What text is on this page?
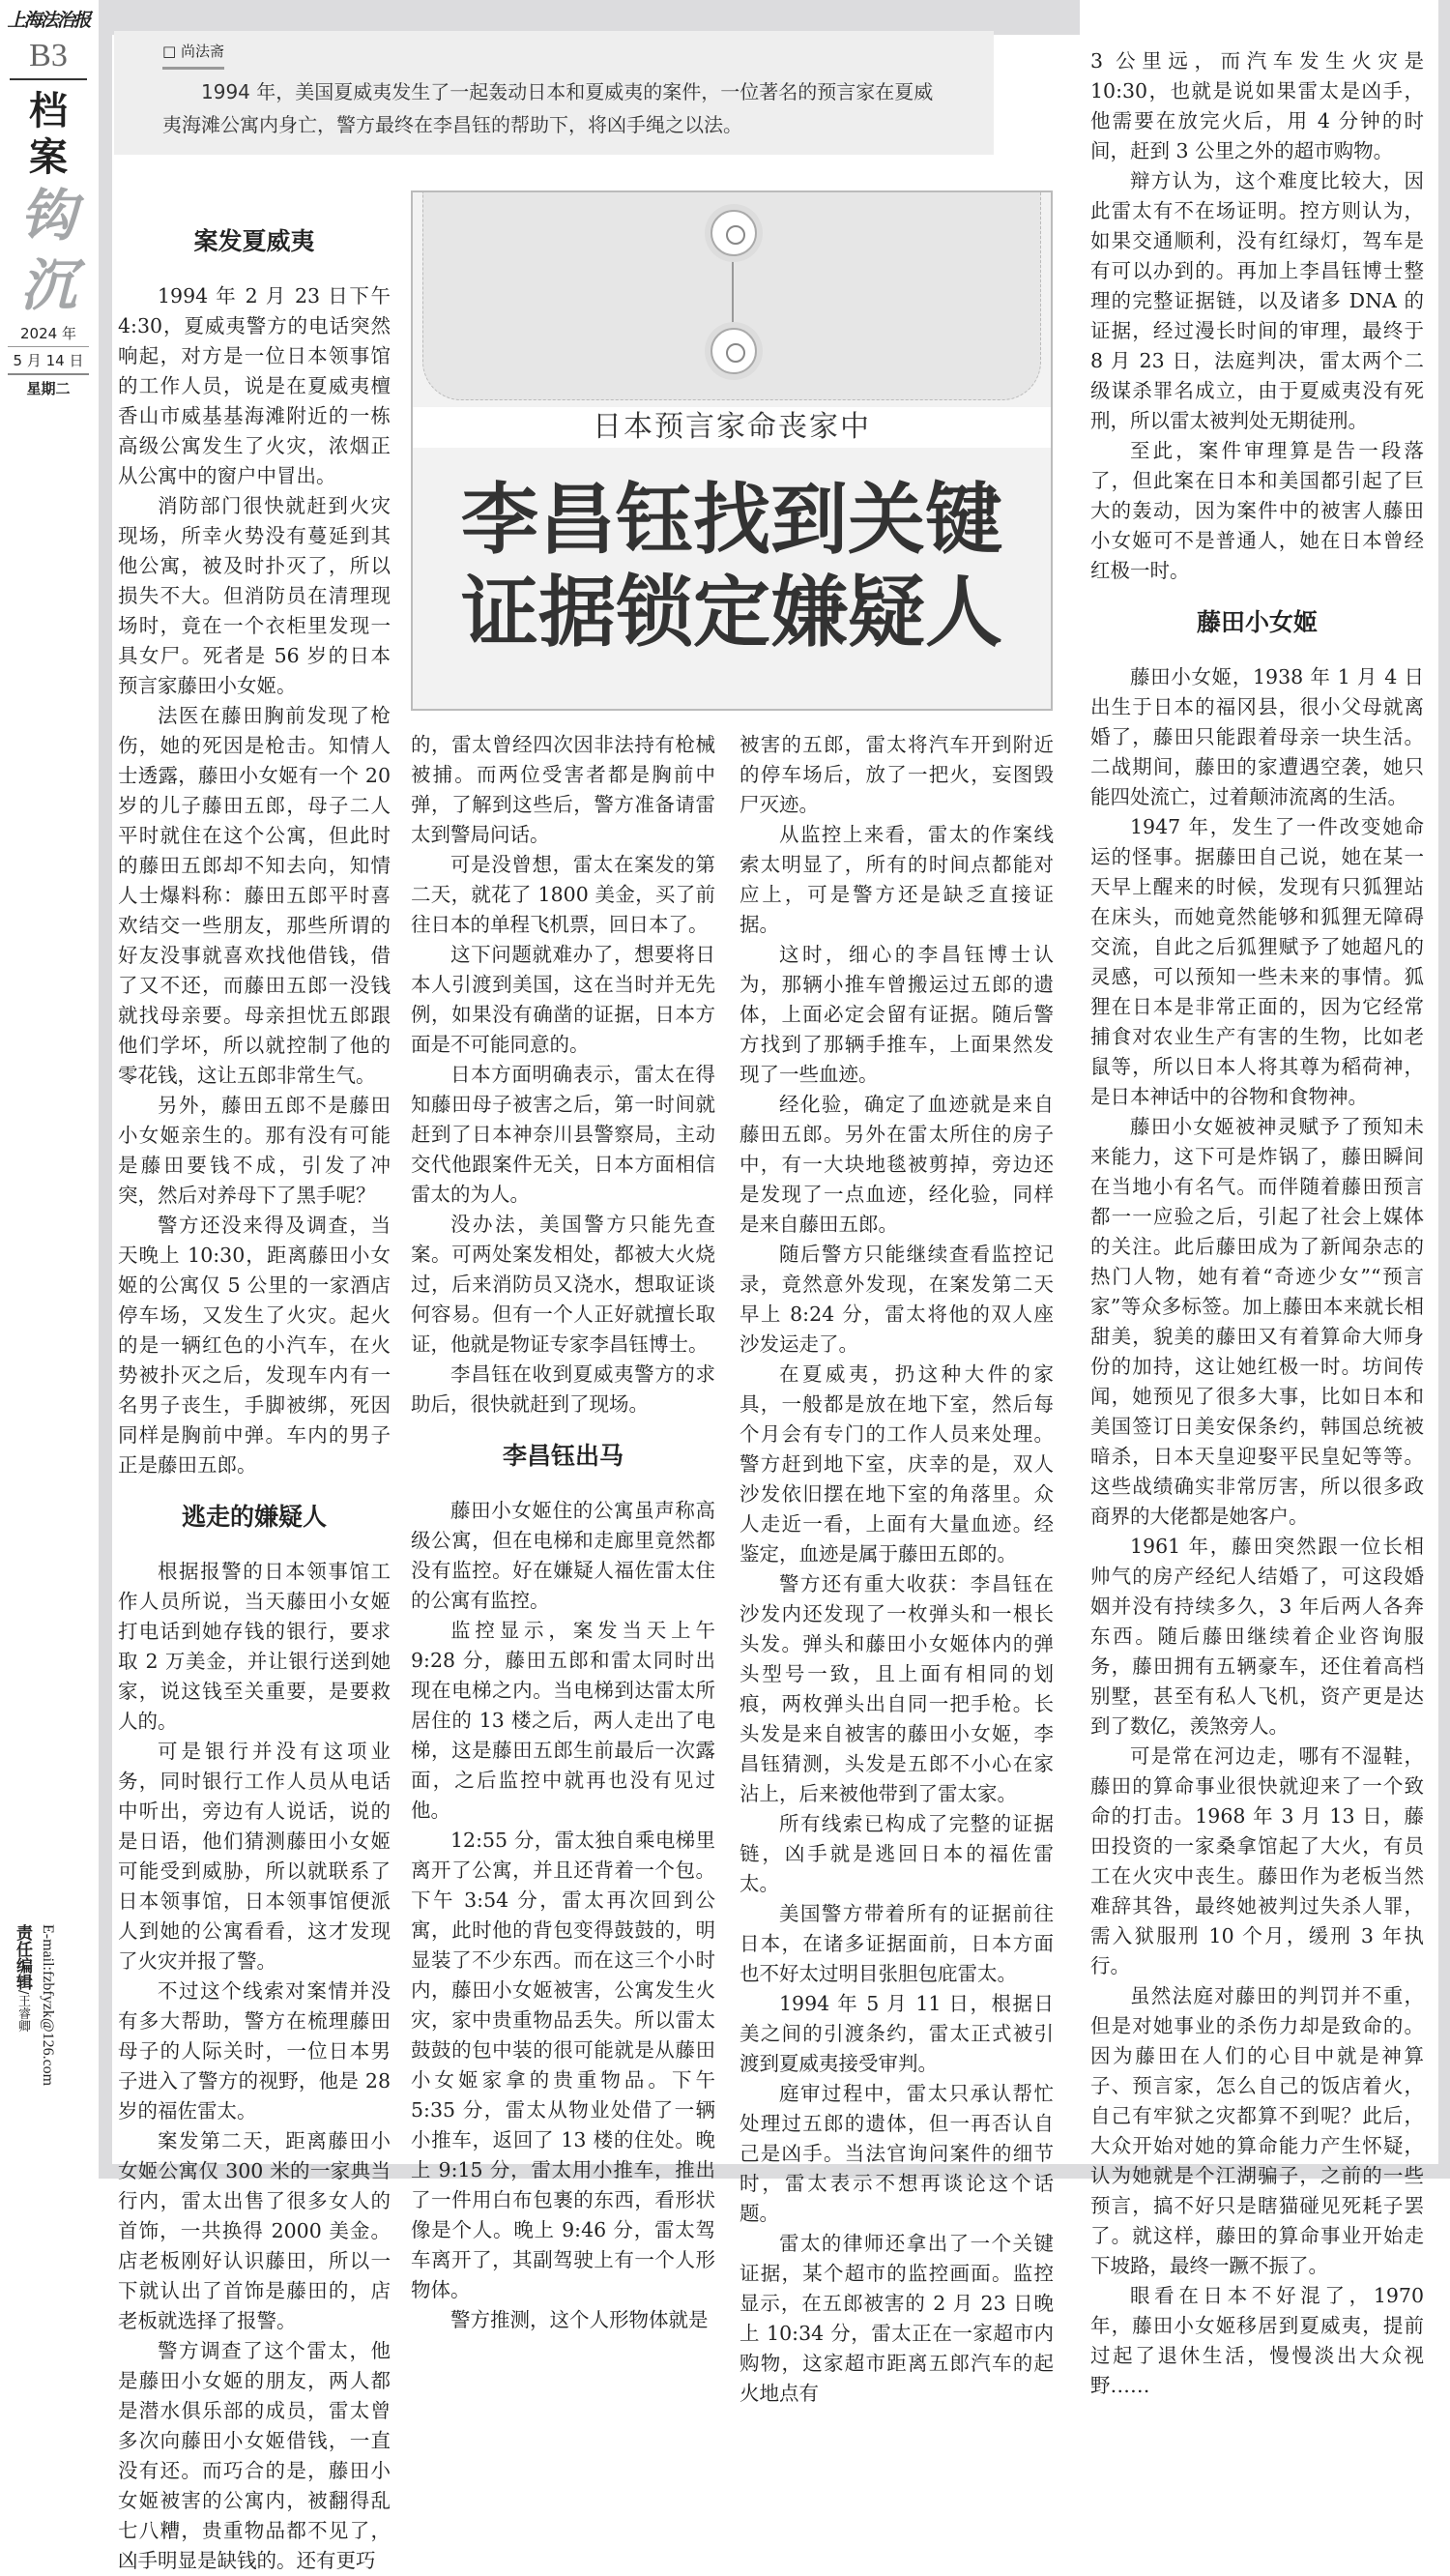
上海法治报
B3
档案
钩沉
2024 年
5 月 14 日
星期二
责任编辑/王睿卿 E-mail:fzbfyzk@126.com
□ 尚法斋
1994 年，美国夏威夷发生了一起轰动日本和夏威夷的案件，一位著名的预言家在夏威夷海滩公寓内身亡，警方最终在李昌钰的帮助下，将凶手绳之以法。
日本预言家命丧家中
李昌钰找到关键
证据锁定嫌疑人
案发夏威夷

1994 年 2 月 23 日下午 4:30，夏威夷警方的电话突然响起，对方是一位日本领事馆的工作人员，说是在夏威夷檀香山市威基基海滩附近的一栋高级公寓发生了火灾，浓烟正从公寓中的窗户中冒出。

消防部门很快就赶到火灾现场，所幸火势没有蔓延到其他公寓，被及时扑灭了，所以损失不大。但消防员在清理现场时，竟在一个衣柜里发现一具女尸。死者是 56 岁的日本预言家藤田小女姬。

法医在藤田胸前发现了枪伤，她的死因是枪击。知情人士透露，藤田小女姬有一个 20 岁的儿子藤田五郎，母子二人平时就住在这个公寓，但此时的藤田五郎却不知去向，知情人士爆料称：藤田五郎平时喜欢结交一些朋友，那些所谓的好友没事就喜欢找他借钱，借了又不还，而藤田五郎一没钱就找母亲要。母亲担忧五郎跟他们学坏，所以就控制了他的零花钱，这让五郎非常生气。

另外，藤田五郎不是藤田小女姬亲生的。那有没有可能是藤田要钱不成，引发了冲突，然后对养母下了黑手呢？

警方还没来得及调查，当天晚上 10:30，距离藤田小女姬的公寓仅 5 公里的一家酒店停车场，又发生了火灾。起火的是一辆红色的小汽车，在火势被扑灭之后，发现车内有一名男子丧生，手脚被绑，死因同样是胸前中弹。车内的男子正是藤田五郎。

逃走的嫌疑人

根据报警的日本领事馆工作人员所说，当天藤田小女姬打电话到她存钱的银行，要求取 2 万美金，并让银行送到她家，说这钱至关重要，是要救人的。

可是银行并没有这项业务，同时银行工作人员从电话中听出，旁边有人说话，说的是日语，他们猜测藤田小女姬可能受到威胁，所以就联系了日本领事馆，日本领事馆便派人到她的公寓看看，这才发现了火灾并报了警。

不过这个线索对案情并没有多大帮助，警方在梳理藤田母子的人际关时，一位日本男子进入了警方的视野，他是 28 岁的福佐雷太。

案发第二天，距离藤田小女姬公寓仅 300 米的一家典当行内，雷太出售了很多女人的首饰，一共换得 2000 美金。店老板刚好认识藤田，所以一下就认出了首饰是藤田的，店老板就选择了报警。

警方调查了这个雷太，他是藤田小女姬的朋友，两人都是潜水俱乐部的成员，雷太曾多次向藤田小女姬借钱，一直没有还。而巧合的是，藤田小女姬被害的公寓内，被翻得乱七八糟，贵重物品都不见了，凶手明显是缺钱的。还有更巧

的，雷太曾经四次因非法持有枪械被捕。而两位受害者都是胸前中弹，了解到这些后，警方准备请雷太到警局问话。

可是没曾想，雷太在案发的第二天，就花了 1800 美金，买了前往日本的单程飞机票，回日本了。

这下问题就难办了，想要将日本人引渡到美国，这在当时并无先例，如果没有确凿的证据，日本方面是不可能同意的。

日本方面明确表示，雷太在得知藤田母子被害之后，第一时间就赶到了日本神奈川县警察局，主动交代他跟案件无关，日本方面相信雷太的为人。

没办法，美国警方只能先查案。可两处案发相处，都被大火烧过，后来消防员又浇水，想取证谈何容易。但有一个人正好就擅长取证，他就是物证专家李昌钰博士。

李昌钰在收到夏威夷警方的求助后，很快就赶到了现场。

李昌钰出马

藤田小女姬住的公寓虽声称高级公寓，但在电梯和走廊里竟然都没有监控。好在嫌疑人福佐雷太住的公寓有监控。

监控显示，案发当天上午 9:28 分，藤田五郎和雷太同时出现在电梯之内。当电梯到达雷太所居住的 13 楼之后，两人走出了电梯，这是藤田五郎生前最后一次露面，之后监控中就再也没有见过他。

12:55 分，雷太独自乘电梯里离开了公寓，并且还背着一个包。下午 3:54 分，雷太再次回到公寓，此时他的背包变得鼓鼓的，明显装了不少东西。而在这三个小时内，藤田小女姬被害，公寓发生火灾，家中贵重物品丢失。所以雷太鼓鼓的包中装的很可能就是从藤田小女姬家拿的贵重物品。下午 5:35 分，雷太从物业处借了一辆小推车，返回了 13 楼的住处。晚上 9:15 分，雷太用小推车，推出了一件用白布包裹的东西，看形状像是个人。晚上 9:46 分，雷太驾车离开了，其副驾驶上有一个人形物体。

警方推测，这个人形物体就是

被害的五郎，雷太将汽车开到附近的停车场后，放了一把火，妄图毁尸灭迹。

从监控上来看，雷太的作案线索太明显了，所有的时间点都能对应上，可是警方还是缺乏直接证据。

这时，细心的李昌钰博士认为，那辆小推车曾搬运过五郎的遗体，上面必定会留有证据。随后警方找到了那辆手推车，上面果然发现了一些血迹。

经化验，确定了血迹就是来自藤田五郎。另外在雷太所住的房子中，有一大块地毯被剪掉，旁边还是发现了一点血迹，经化验，同样是来自藤田五郎。

随后警方只能继续查看监控记录，竟然意外发现，在案发第二天早上 8:24 分，雷太将他的双人座沙发运走了。

在夏威夷，扔这种大件的家具，一般都是放在地下室，然后每个月会有专门的工作人员来处理。警方赶到地下室，庆幸的是，双人沙发依旧摆在地下室的角落里。众人走近一看，上面有大量血迹。经鉴定，血迹是属于藤田五郎的。

警方还有重大收获：李昌钰在沙发内还发现了一枚弹头和一根长头发。弹头和藤田小女姬体内的弹头型号一致，且上面有相同的划痕，两枚弹头出自同一把手枪。长头发是来自被害的藤田小女姬，李昌钰猜测，头发是五郎不小心在家沾上，后来被他带到了雷太家。

所有线索已构成了完整的证据链，凶手就是逃回日本的福佐雷太。

美国警方带着所有的证据前往日本，在诸多证据面前，日本方面也不好太过明目张胆包庇雷太。

1994 年 5 月 11 日，根据日美之间的引渡条约，雷太正式被引渡到夏威夷接受审判。

庭审过程中，雷太只承认帮忙处理过五郎的遗体，但一再否认自己是凶手。当法官询问案件的细节时，雷太表示不想再谈论这个话题。

雷太的律师还拿出了一个关键证据，某个超市的监控画面。监控显示，在五郎被害的 2 月 23 日晚上 10:34 分，雷太正在一家超市内购物，这家超市距离五郎汽车的起火地点有

3 公里远，而汽车发生火灾是 10:30，也就是说如果雷太是凶手，他需要在放完火后，用 4 分钟的时间，赶到 3 公里之外的超市购物。

辩方认为，这个难度比较大，因此雷太有不在场证明。控方则认为，如果交通顺利，没有红绿灯，驾车是有可以办到的。再加上李昌钰博士整理的完整证据链，以及诸多 DNA 的证据，经过漫长时间的审理，最终于 8 月 23 日，法庭判决，雷太两个二级谋杀罪名成立，由于夏威夷没有死刑，所以雷太被判处无期徒刑。

至此，案件审理算是告一段落了，但此案在日本和美国都引起了巨大的轰动，因为案件中的被害人藤田小女姬可不是普通人，她在日本曾经红极一时。

藤田小女姬

藤田小女姬，1938 年 1 月 4 日出生于日本的福冈县，很小父母就离婚了，藤田只能跟着母亲一块生活。二战期间，藤田的家遭遇空袭，她只能四处流亡，过着颠沛流离的生活。

1947 年，发生了一件改变她命运的怪事。据藤田自己说，她在某一天早上醒来的时候，发现有只狐狸站在床头，而她竟然能够和狐狸无障碍交流，自此之后狐狸赋予了她超凡的灵感，可以预知一些未来的事情。狐狸在日本是非常正面的，因为它经常捕食对农业生产有害的生物，比如老鼠等，所以日本人将其尊为稻荷神，是日本神话中的谷物和食物神。

藤田小女姬被神灵赋予了预知未来能力，这下可是炸锅了，藤田瞬间在当地小有名气。而伴随着藤田预言都一一应验之后，引起了社会上媒体的关注。此后藤田成为了新闻杂志的热门人物，她有着“奇迹少女”“预言家”等众多标签。加上藤田本来就长相甜美，貌美的藤田又有着算命大师身份的加持，这让她红极一时。坊间传闻，她预见了很多大事，比如日本和美国签订日美安保条约，韩国总统被暗杀，日本天皇迎娶平民皇妃等等。这些战绩确实非常厉害，所以很多政商界的大佬都是她客户。

1961 年，藤田突然跟一位长相帅气的房产经纪人结婚了，可这段婚姻并没有持续多久，3 年后两人各奔东西。随后藤田继续着企业咨询服务，藤田拥有五辆豪车，还住着高档别墅，甚至有私人飞机，资产更是达到了数亿，羡煞旁人。

可是常在河边走，哪有不湿鞋，藤田的算命事业很快就迎来了一个致命的打击。1968 年 3 月 13 日，藤田投资的一家桑拿馆起了大火，有员工在火灾中丧生。藤田作为老板当然难辞其咎，最终她被判过失杀人罪，需入狱服刑 10 个月，缓刑 3 年执行。

虽然法庭对藤田的判罚并不重，但是对她事业的杀伤力却是致命的。因为藤田在人们的心目中就是神算子、预言家，怎么自己的饭店着火，自己有牢狱之灾都算不到呢？此后，大众开始对她的算命能力产生怀疑，认为她就是个江湖骗子，之前的一些预言，搞不好只是瞎猫碰见死耗子罢了。就这样，藤田的算命事业开始走下坡路，最终一蹶不振了。

眼看在日本不好混了，1970 年，藤田小女姬移居到夏威夷，提前过起了退休生活，慢慢淡出大众视野……
